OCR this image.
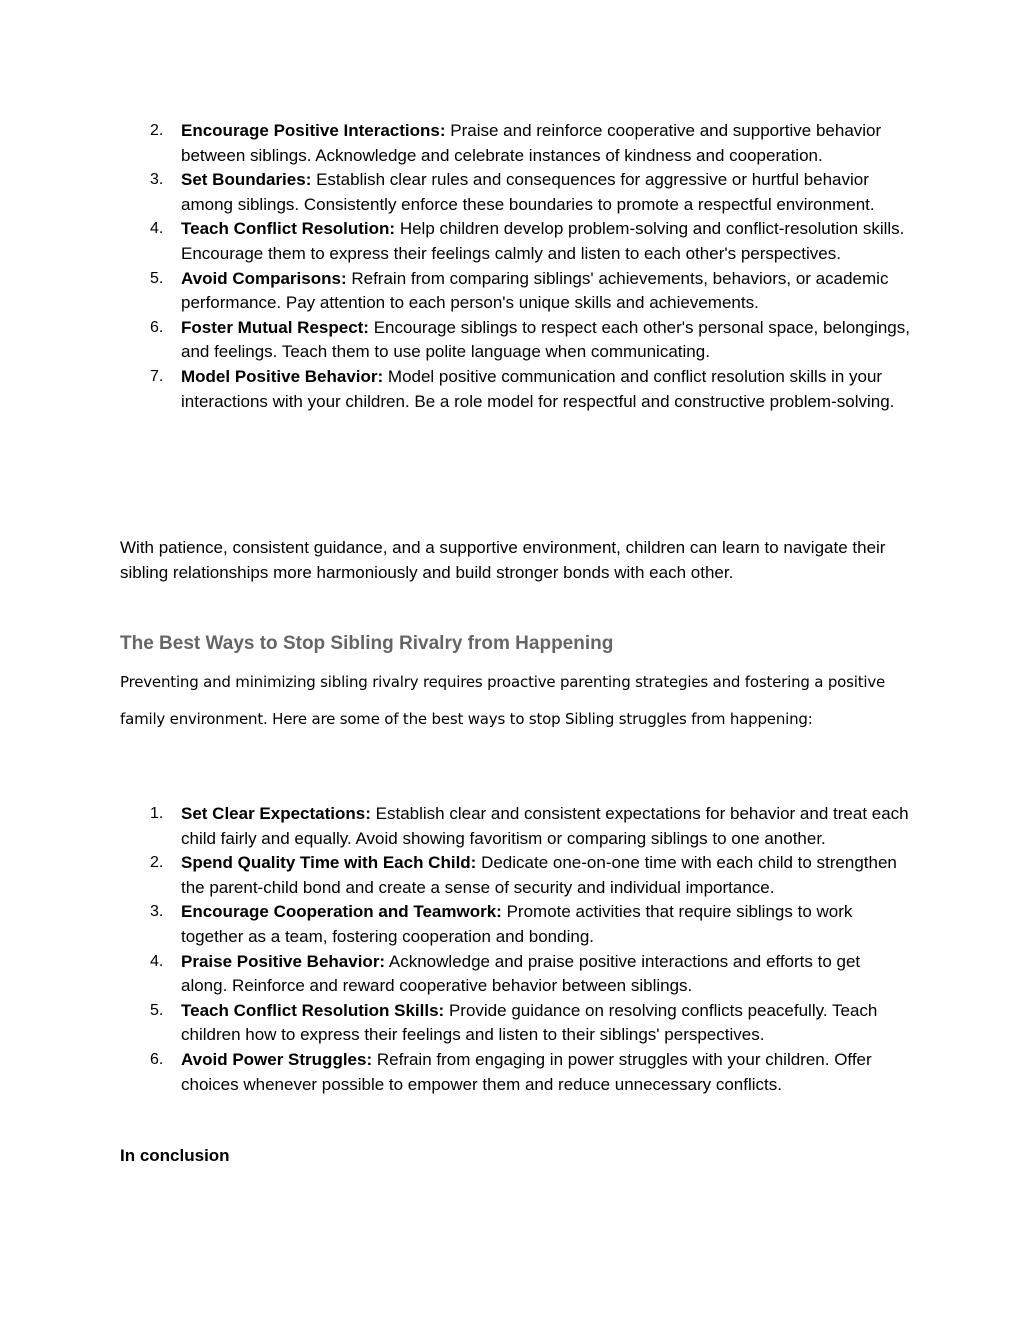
2. Encourage Positive Interactions: Praise and reinforce cooperative and supportive behavior between siblings. Acknowledge and celebrate instances of kindness and cooperation.
3. Set Boundaries: Establish clear rules and consequences for aggressive or hurtful behavior among siblings. Consistently enforce these boundaries to promote a respectful environment.
4. Teach Conflict Resolution: Help children develop problem-solving and conflict-resolution skills. Encourage them to express their feelings calmly and listen to each other's perspectives.
5. Avoid Comparisons: Refrain from comparing siblings' achievements, behaviors, or academic performance. Pay attention to each person's unique skills and achievements.
6. Foster Mutual Respect: Encourage siblings to respect each other's personal space, belongings, and feelings. Teach them to use polite language when communicating.
7. Model Positive Behavior: Model positive communication and conflict resolution skills in your interactions with your children. Be a role model for respectful and constructive problem-solving.

With patience, consistent guidance, and a supportive environment, children can learn to navigate their sibling relationships more harmoniously and build stronger bonds with each other.

The Best Ways to Stop Sibling Rivalry from Happening

Preventing and minimizing sibling rivalry requires proactive parenting strategies and fostering a positive family environment. Here are some of the best ways to stop Sibling struggles from happening:

1. Set Clear Expectations: Establish clear and consistent expectations for behavior and treat each child fairly and equally. Avoid showing favoritism or comparing siblings to one another.
2. Spend Quality Time with Each Child: Dedicate one-on-one time with each child to strengthen the parent-child bond and create a sense of security and individual importance.
3. Encourage Cooperation and Teamwork: Promote activities that require siblings to work together as a team, fostering cooperation and bonding.
4. Praise Positive Behavior: Acknowledge and praise positive interactions and efforts to get along. Reinforce and reward cooperative behavior between siblings.
5. Teach Conflict Resolution Skills: Provide guidance on resolving conflicts peacefully. Teach children how to express their feelings and listen to their siblings' perspectives.
6. Avoid Power Struggles: Refrain from engaging in power struggles with your children. Offer choices whenever possible to empower them and reduce unnecessary conflicts.

In conclusion
